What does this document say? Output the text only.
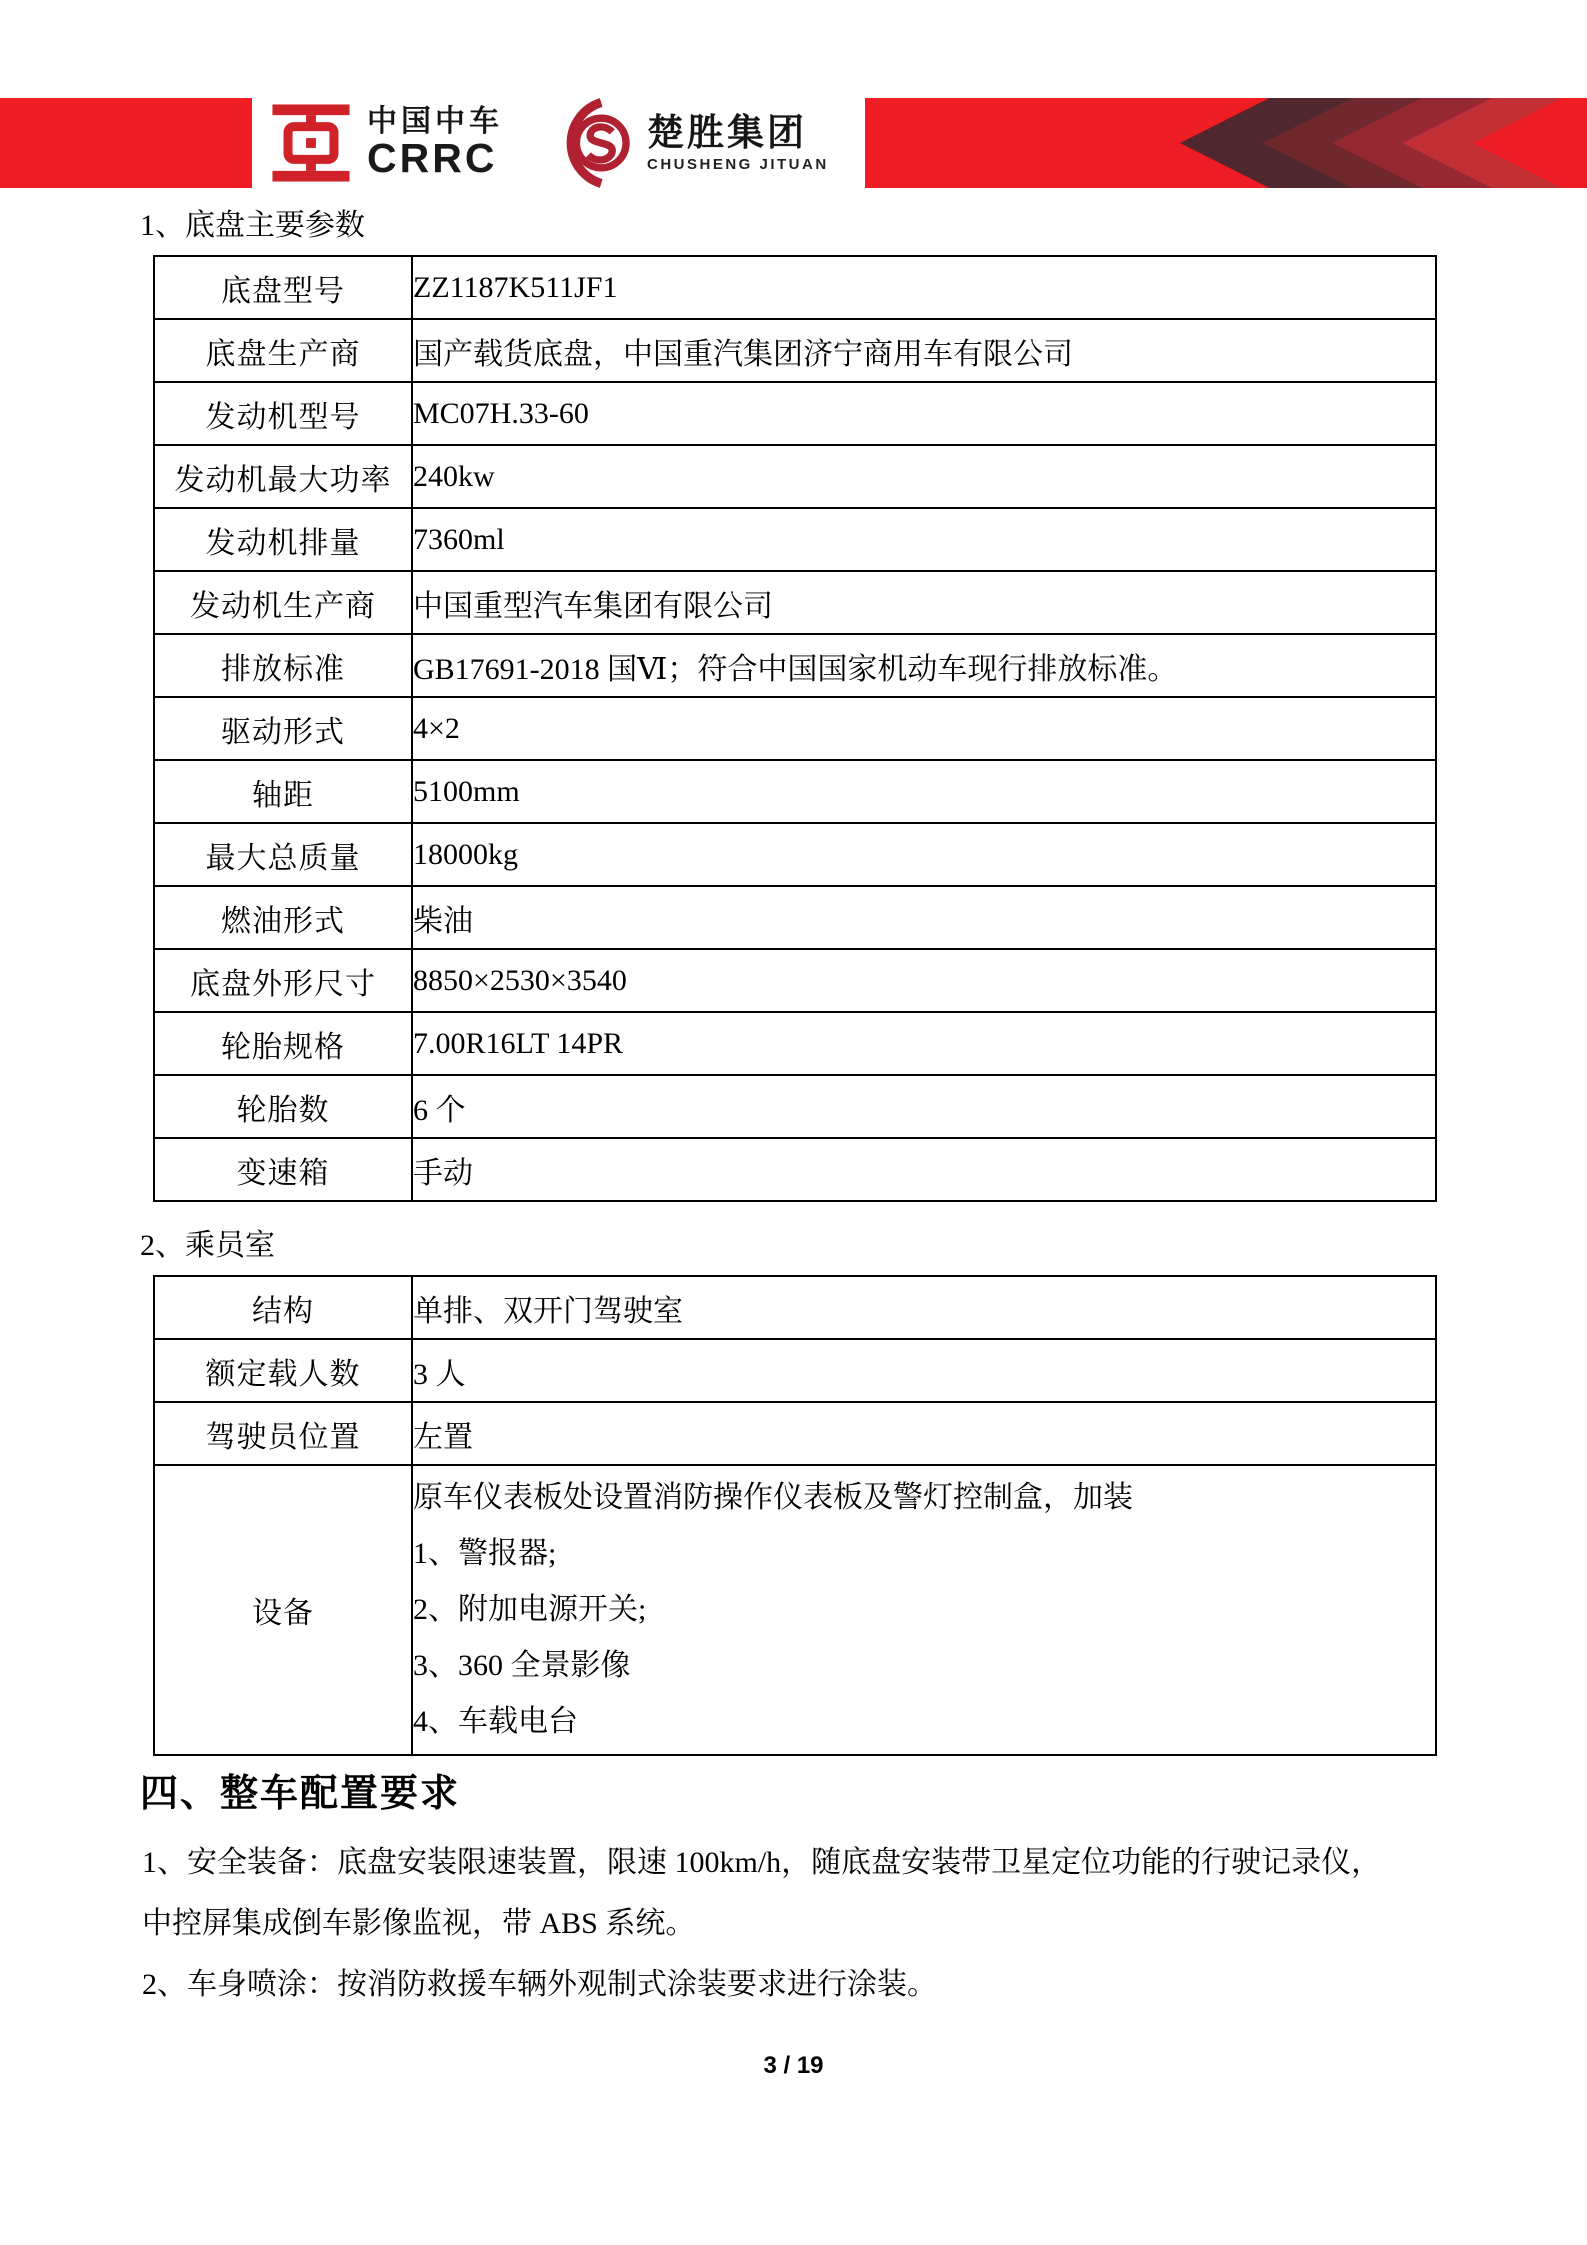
中国中车
CRRC
楚胜集团
CHUSHENG JITUAN
1、底盘主要参数
底盘型号	ZZ1187K511JF1
底盘生产商	国产载货底盘，中国重汽集团济宁商用车有限公司
发动机型号	MC07H.33-60
发动机最大功率	240kw
发动机排量	7360ml
发动机生产商	中国重型汽车集团有限公司
排放标准	GB17691-2018 国Ⅵ；符合中国国家机动车现行排放标准。
驱动形式	4×2
轴距	5100mm
最大总质量	18000kg
燃油形式	柴油
底盘外形尺寸	8850×2530×3540
轮胎规格	7.00R16LT 14PR
轮胎数	6 个
变速箱	手动
2、乘员室
结构	单排、双开门驾驶室
额定载人数	3 人
驾驶员位置	左置
设备	原车仪表板处设置消防操作仪表板及警灯控制盒，加装
1、警报器;
2、附加电源开关;
3、360 全景影像
4、车载电台
四、整车配置要求
1、安全装备：底盘安装限速装置，限速 100km/h，随底盘安装带卫星定位功能的行驶记录仪，
中控屏集成倒车影像监视，带 ABS 系统。
2、车身喷涂：按消防救援车辆外观制式涂装要求进行涂装。
3 / 19
